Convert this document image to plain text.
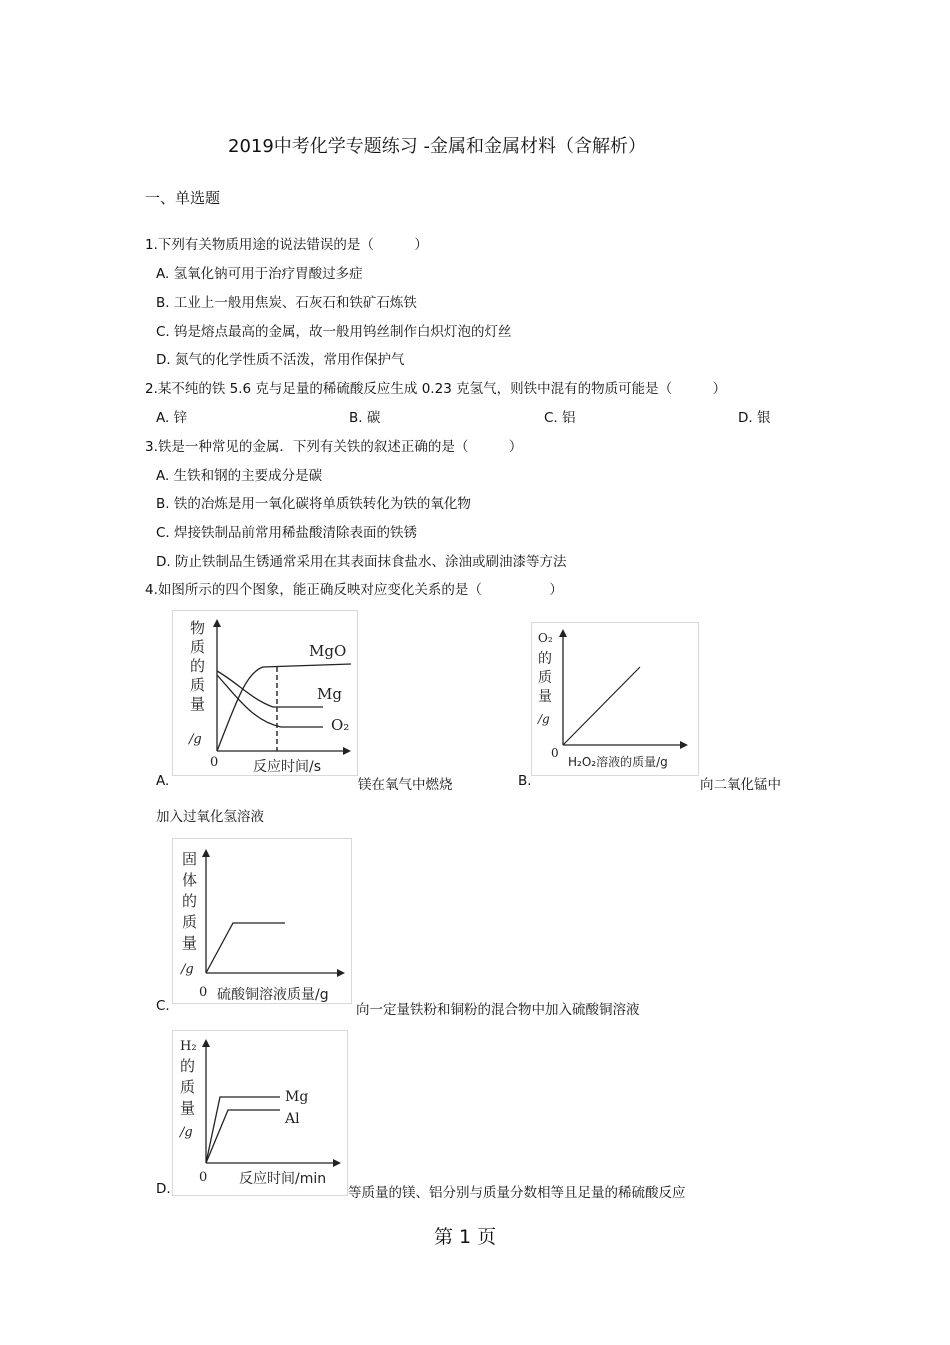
2019中考化学专题练习 -金属和金属材料（含解析）
一、单选题
1.下列有关物质用途的说法错误的是（　　　）
A. 氢氧化钠可用于治疗胃酸过多症
B. 工业上一般用焦炭、石灰石和铁矿石炼铁
C. 钨是熔点最高的金属，故一般用钨丝制作白炽灯泡的灯丝
D. 氮气的化学性质不活泼，常用作保护气
2.某不纯的铁 5.6 克与足量的稀硫酸反应生成 0.23 克氢气，则铁中混有的物质可能是（　　　）
A. 锌	B. 碳	C. 铝	D. 银
3.铁是一种常见的金属．下列有关铁的叙述正确的是（　　　）
A. 生铁和钢的主要成分是碳
B. 铁的冶炼是用一氧化碳将单质铁转化为铁的氧化物
C. 焊接铁制品前常用稀盐酸清除表面的铁锈
D. 防止铁制品生锈通常采用在其表面抹食盐水、涂油或刷油漆等方法
4.如图所示的四个图象，能正确反映对应变化关系的是（　　　　　）
物
质
的
质
量
/g
0 反应时间/s
MgO
Mg
O₂
A.	镁在氧气中燃烧
O₂
的
质
量
/g
0
H₂O₂溶液的质量/g
B.	向二氧化锰中
加入过氧化氢溶液
固
体
的
质
量
/g
0 硫酸铜溶液质量/g
C.	向一定量铁粉和铜粉的混合物中加入硫酸铜溶液
H₂
的
质
量
/g
0 反应时间/min
Mg
Al
D.	等质量的镁、铝分别与质量分数相等且足量的稀硫酸反应
第 1 页
